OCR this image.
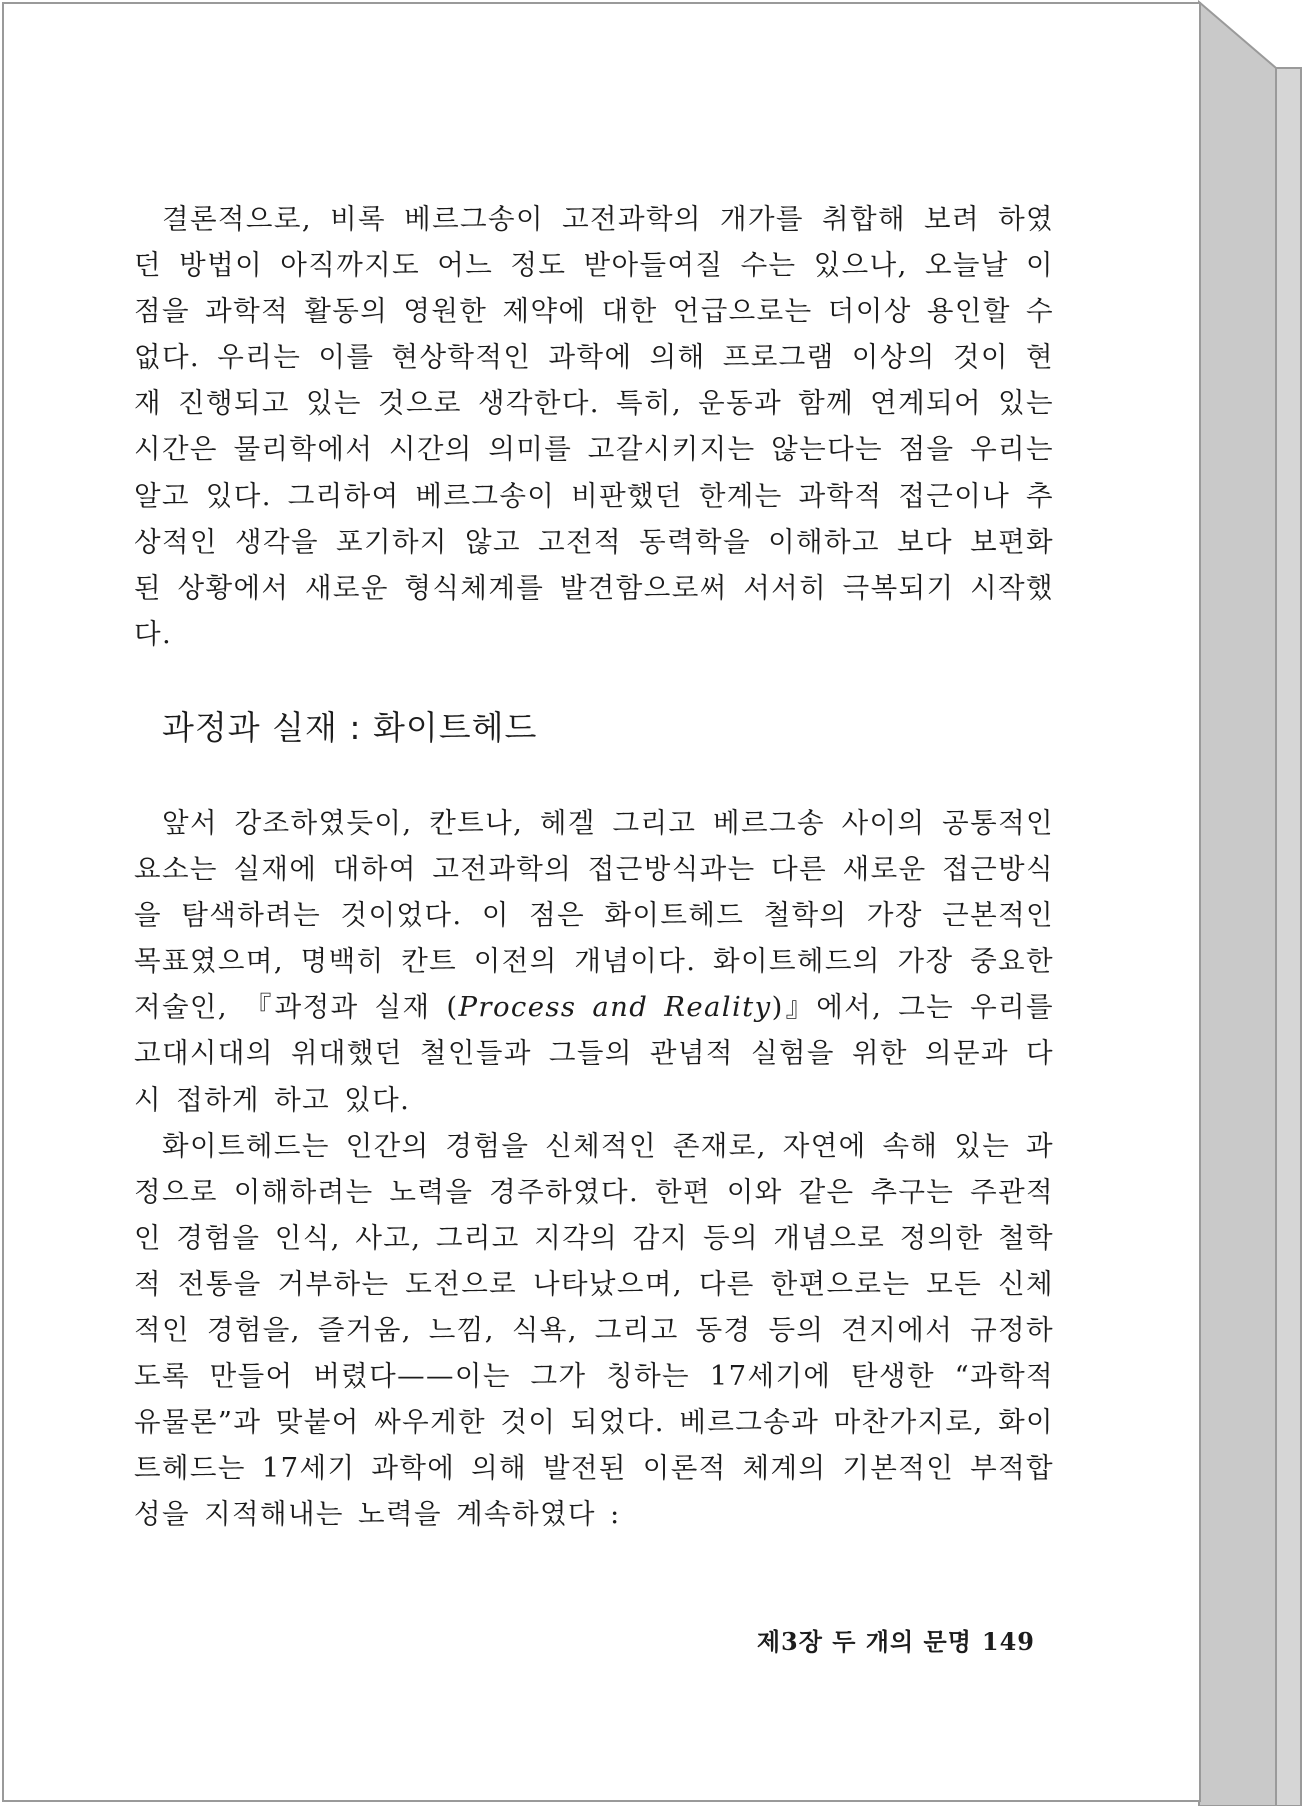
결론적으로, 비록 베르그송이 고전과학의 개가를 취합해 보려 하였던 방법이 아직까지도 어느 정도 받아들여질 수는 있으나, 오늘날 이 점을 과학적 활동의 영원한 제약에 대한 언급으로는 더이상 용인할 수 없다. 우리는 이를 현상학적인 과학에 의해 프로그램 이상의 것이 현재 진행되고 있는 것으로 생각한다. 특히, 운동과 함께 연계되어 있는 시간은 물리학에서 시간의 의미를 고갈시키지는 않는다는 점을 우리는 알고 있다. 그리하여 베르그송이 비판했던 한계는 과학적 접근이나 추상적인 생각을 포기하지 않고 고전적 동력학을 이해하고 보다 보편화된 상황에서 새로운 형식체계를 발견함으로써 서서히 극복되기 시작했다.

과정과 실재 : 화이트헤드

앞서 강조하였듯이, 칸트나, 헤겔 그리고 베르그송 사이의 공통적인 요소는 실재에 대하여 고전과학의 접근방식과는 다른 새로운 접근방식을 탐색하려는 것이었다. 이 점은 화이트헤드 철학의 가장 근본적인 목표였으며, 명백히 칸트 이전의 개념이다. 화이트헤드의 가장 중요한 저술인, 『과정과 실재 (Process and Reality)』에서, 그는 우리를 고대시대의 위대했던 철인들과 그들의 관념적 실험을 위한 의문과 다시 접하게 하고 있다.

화이트헤드는 인간의 경험을 신체적인 존재로, 자연에 속해 있는 과정으로 이해하려는 노력을 경주하였다. 한편 이와 같은 추구는 주관적인 경험을 인식, 사고, 그리고 지각의 감지 등의 개념으로 정의한 철학적 전통을 거부하는 도전으로 나타났으며, 다른 한편으로는 모든 신체적인 경험을, 즐거움, 느낌, 식욕, 그리고 동경 등의 견지에서 규정하도록 만들어 버렸다——이는 그가 칭하는 17세기에 탄생한 “과학적 유물론”과 맞붙어 싸우게한 것이 되었다. 베르그송과 마찬가지로, 화이트헤드는 17세기 과학에 의해 발전된 이론적 체계의 기본적인 부적합성을 지적해내는 노력을 계속하였다 :

제3장 두 개의 문명 149
